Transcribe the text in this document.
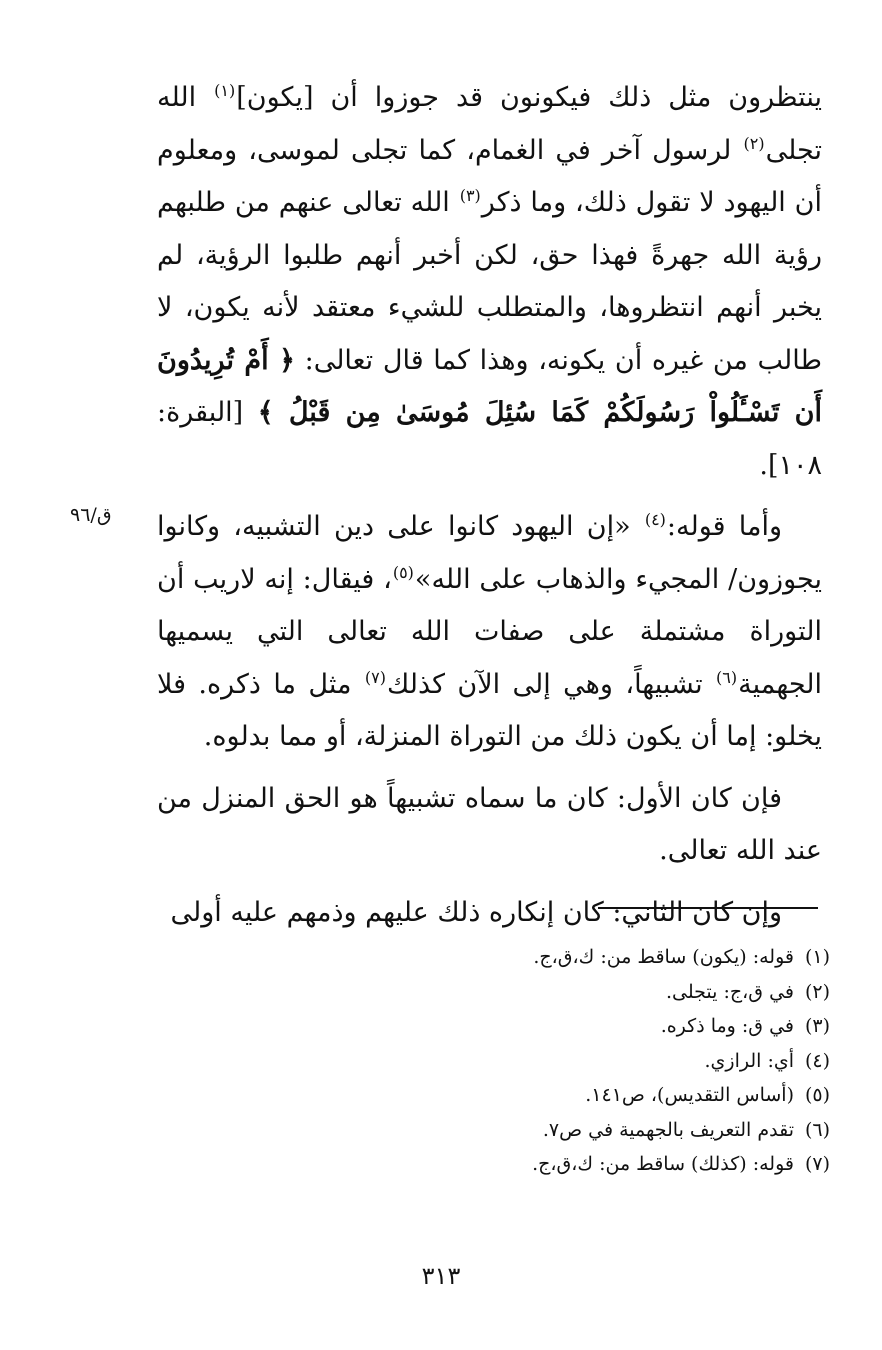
ينتظرون مثل ذلك فيكونون قد جوزوا أن [يكون]$^{(١)}$ الله تجلى$^{(٢)}$ لرسول آخر في الغمام، كما تجلى لموسى، ومعلوم أن اليهود لا تقول ذلك، وما ذكر$^{(٣)}$ الله تعالى عنهم من طلبهم رؤية الله جهرةً فهذا حق، لكن أخبر أنهم طلبوا الرؤية، لم يخبر أنهم انتظروها، والمتطلب للشيء معتقد لأنه يكون، لا طالب من غيره أن يكونه، وهذا كما قال تعالى: ﴿ أَمْ تُرِيدُونَ أَن تَسْـَٔلُواْ رَسُولَكُمْ كَمَا سُئِلَ مُوسَىٰ مِن قَبْلُ ﴾ [البقرة: ١٠٨].

وأما قوله:$^{(٤)}$ «إن اليهود كانوا على دين التشبيه، وكانوا يجوزون/ المجيء والذهاب على الله»$^{(٥)}$، فيقال: إنه لاريب أن التوراة مشتملة على صفات الله تعالى التي يسميها الجهمية$^{(٦)}$ تشبيهاً، وهي إلى الآن كذلك$^{(٧)}$ مثل ما ذكره. فلا يخلو: إما أن يكون ذلك من التوراة المنزلة، أو مما بدلوه.

فإن كان الأول: كان ما سماه تشبيهاً هو الحق المنزل من عند الله تعالى.

وإن كان الثاني: كان إنكاره ذلك عليهم وذمهم عليه أولى

ق/٩٦
(١)قوله: (يكون) ساقط من: ك،ق،ج.
(٢)في ق،ج: يتجلى.
(٣)في ق: وما ذكره.
(٤)أي: الرازي.
(٥)(أساس التقديس)، ص١٤١.
(٦)تقدم التعريف بالجهمية في ص٧.
(٧)قوله: (كذلك) ساقط من: ك،ق،ج.
٣١٣
